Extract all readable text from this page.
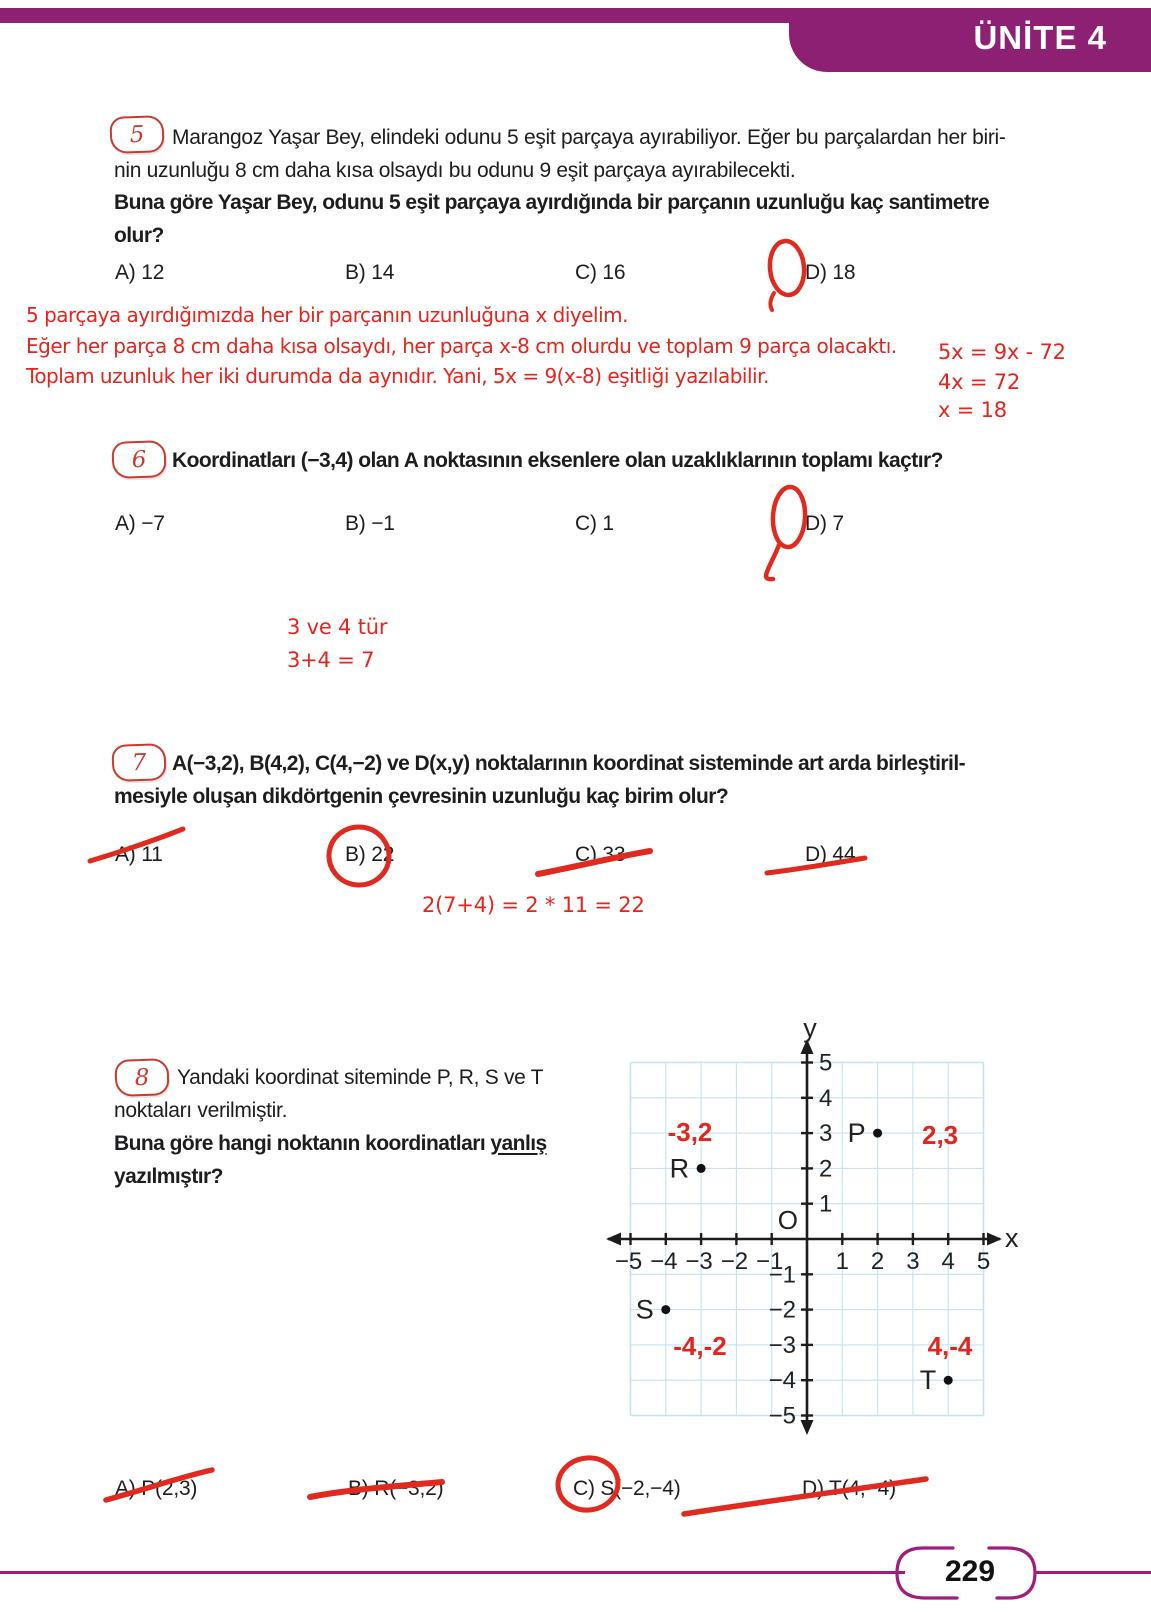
ÜNİTE 4
5 Marangoz Yaşar Bey, elindeki odunu 5 eşit parçaya ayırabiliyor. Eğer bu parçalardan her biri-
nin uzunluğu 8 cm daha kısa olsaydı bu odunu 9 eşit parçaya ayırabilecekti.
Buna göre Yaşar Bey, odunu 5 eşit parçaya ayırdığında bir parçanın uzunluğu kaç santimetre
olur?
A) 12	B) 14	C) 16	D) 18
5 parçaya ayırdığımızda her bir parçanın uzunluğuna x diyelim.
Eğer her parça 8 cm daha kısa olsaydı, her parça x-8 cm olurdu ve toplam 9 parça olacaktı.
Toplam uzunluk her iki durumda da aynıdır. Yani, 5x = 9(x-8) eşitliği yazılabilir.
5x = 9x - 72
4x = 72
x = 18
6 Koordinatları (−3,4) olan A noktasının eksenlere olan uzaklıklarının toplamı kaçtır?
A) −7	B) −1	C) 1	D) 7
3 ve 4 tür
3+4 = 7
7 A(−3,2), B(4,2), C(4,−2) ve D(x,y) noktalarının koordinat sisteminde art arda birleştiril-
mesiyle oluşan dikdörtgenin çevresinin uzunluğu kaç birim olur?
A) 11	B) 22	C) 33	D) 44
2(7+4) = 2 * 11 = 22
8 Yandaki koordinat siteminde P, R, S ve T
noktaları verilmiştir.
Buna göre hangi noktanın koordinatları yanlış
yazılmıştır?
A) P(2,3)	B) R(−3,2)	C) S(−2,−4)	D) T(4,−4)
−5 −4 −3 −2 −1 1 2 3 4 5
5
4
3
2
1
−1
−2
−3
−4
−5
O
y
x
P 2,3
R
-3,2
S
-4,-2
T
4,-4
229
